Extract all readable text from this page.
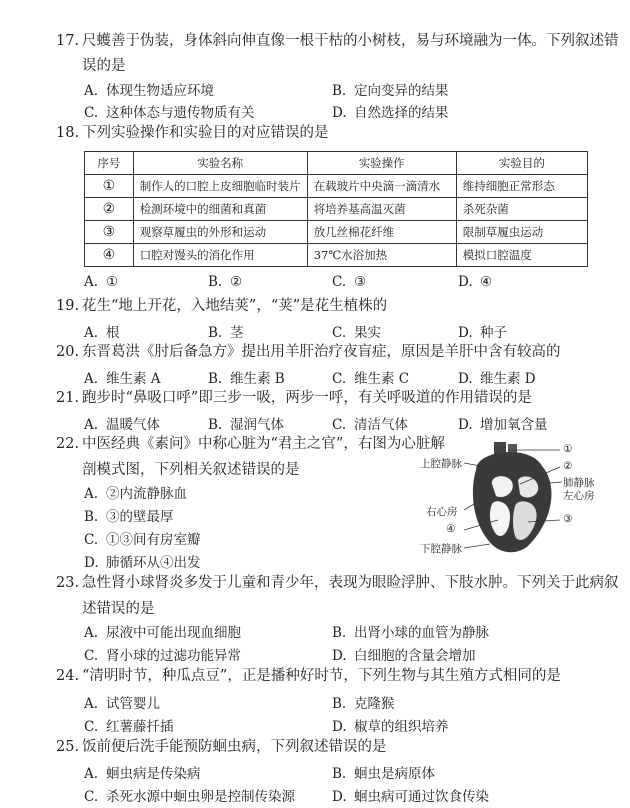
17. 尺蠖善于伪装，身体斜向伸直像一根干枯的小树枝，易与环境融为一体。下列叙述错
误的是
A. 体现生物适应环境	B. 定向变异的结果
C. 这种体态与遗传物质有关	D. 自然选择的结果
18. 下列实验操作和实验目的对应错误的是
序号	实验名称	实验操作	实验目的
①	制作人的口腔上皮细胞临时装片	在载玻片中央滴一滴清水	维持细胞正常形态
②	检测环境中的细菌和真菌	将培养基高温灭菌	杀死杂菌
③	观察草履虫的外形和运动	放几丝棉花纤维	限制草履虫运动
④	口腔对馒头的消化作用	37℃水浴加热	模拟口腔温度
A. ①	B. ②	C. ③	D. ④
19. 花生“地上开花，入地结荚”，“荚”是花生植株的
A. 根	B. 茎	C. 果实	D. 种子
20. 东晋葛洪《肘后备急方》提出用羊肝治疗夜盲症，原因是羊肝中含有较高的
A. 维生素 A	B. 维生素 B	C. 维生素 C	D. 维生素 D
21. 跑步时“鼻吸口呼”即三步一吸，两步一呼，有关呼吸道的作用错误的是
A. 温暖气体	B. 湿润气体	C. 清洁气体	D. 增加氧含量
22. 中医经典《素问》中称心脏为“君主之官”，右图为心脏解
剖模式图，下列相关叙述错误的是
A. ②内流静脉血
B. ③的壁最厚
C. ①③间有房室瓣
D. 肺循环从④出发
上腔静脉
①
②
肺静脉
左心房
右心房
③
④
下腔静脉
23. 急性肾小球肾炎多发于儿童和青少年，表现为眼睑浮肿、下肢水肿。下列关于此病叙
述错误的是
A. 尿液中可能出现血细胞	B. 出肾小球的血管为静脉
C. 肾小球的过滤功能异常	D. 白细胞的含量会增加
24. “清明时节，种瓜点豆”，正是播种好时节，下列生物与其生殖方式相同的是
A. 试管婴儿	B. 克隆猴
C. 红薯藤扦插	D. 椒草的组织培养
25. 饭前便后洗手能预防蛔虫病，下列叙述错误的是
A. 蛔虫病是传染病	B. 蛔虫是病原体
C. 杀死水源中蛔虫卵是控制传染源	D. 蛔虫病可通过饮食传染
